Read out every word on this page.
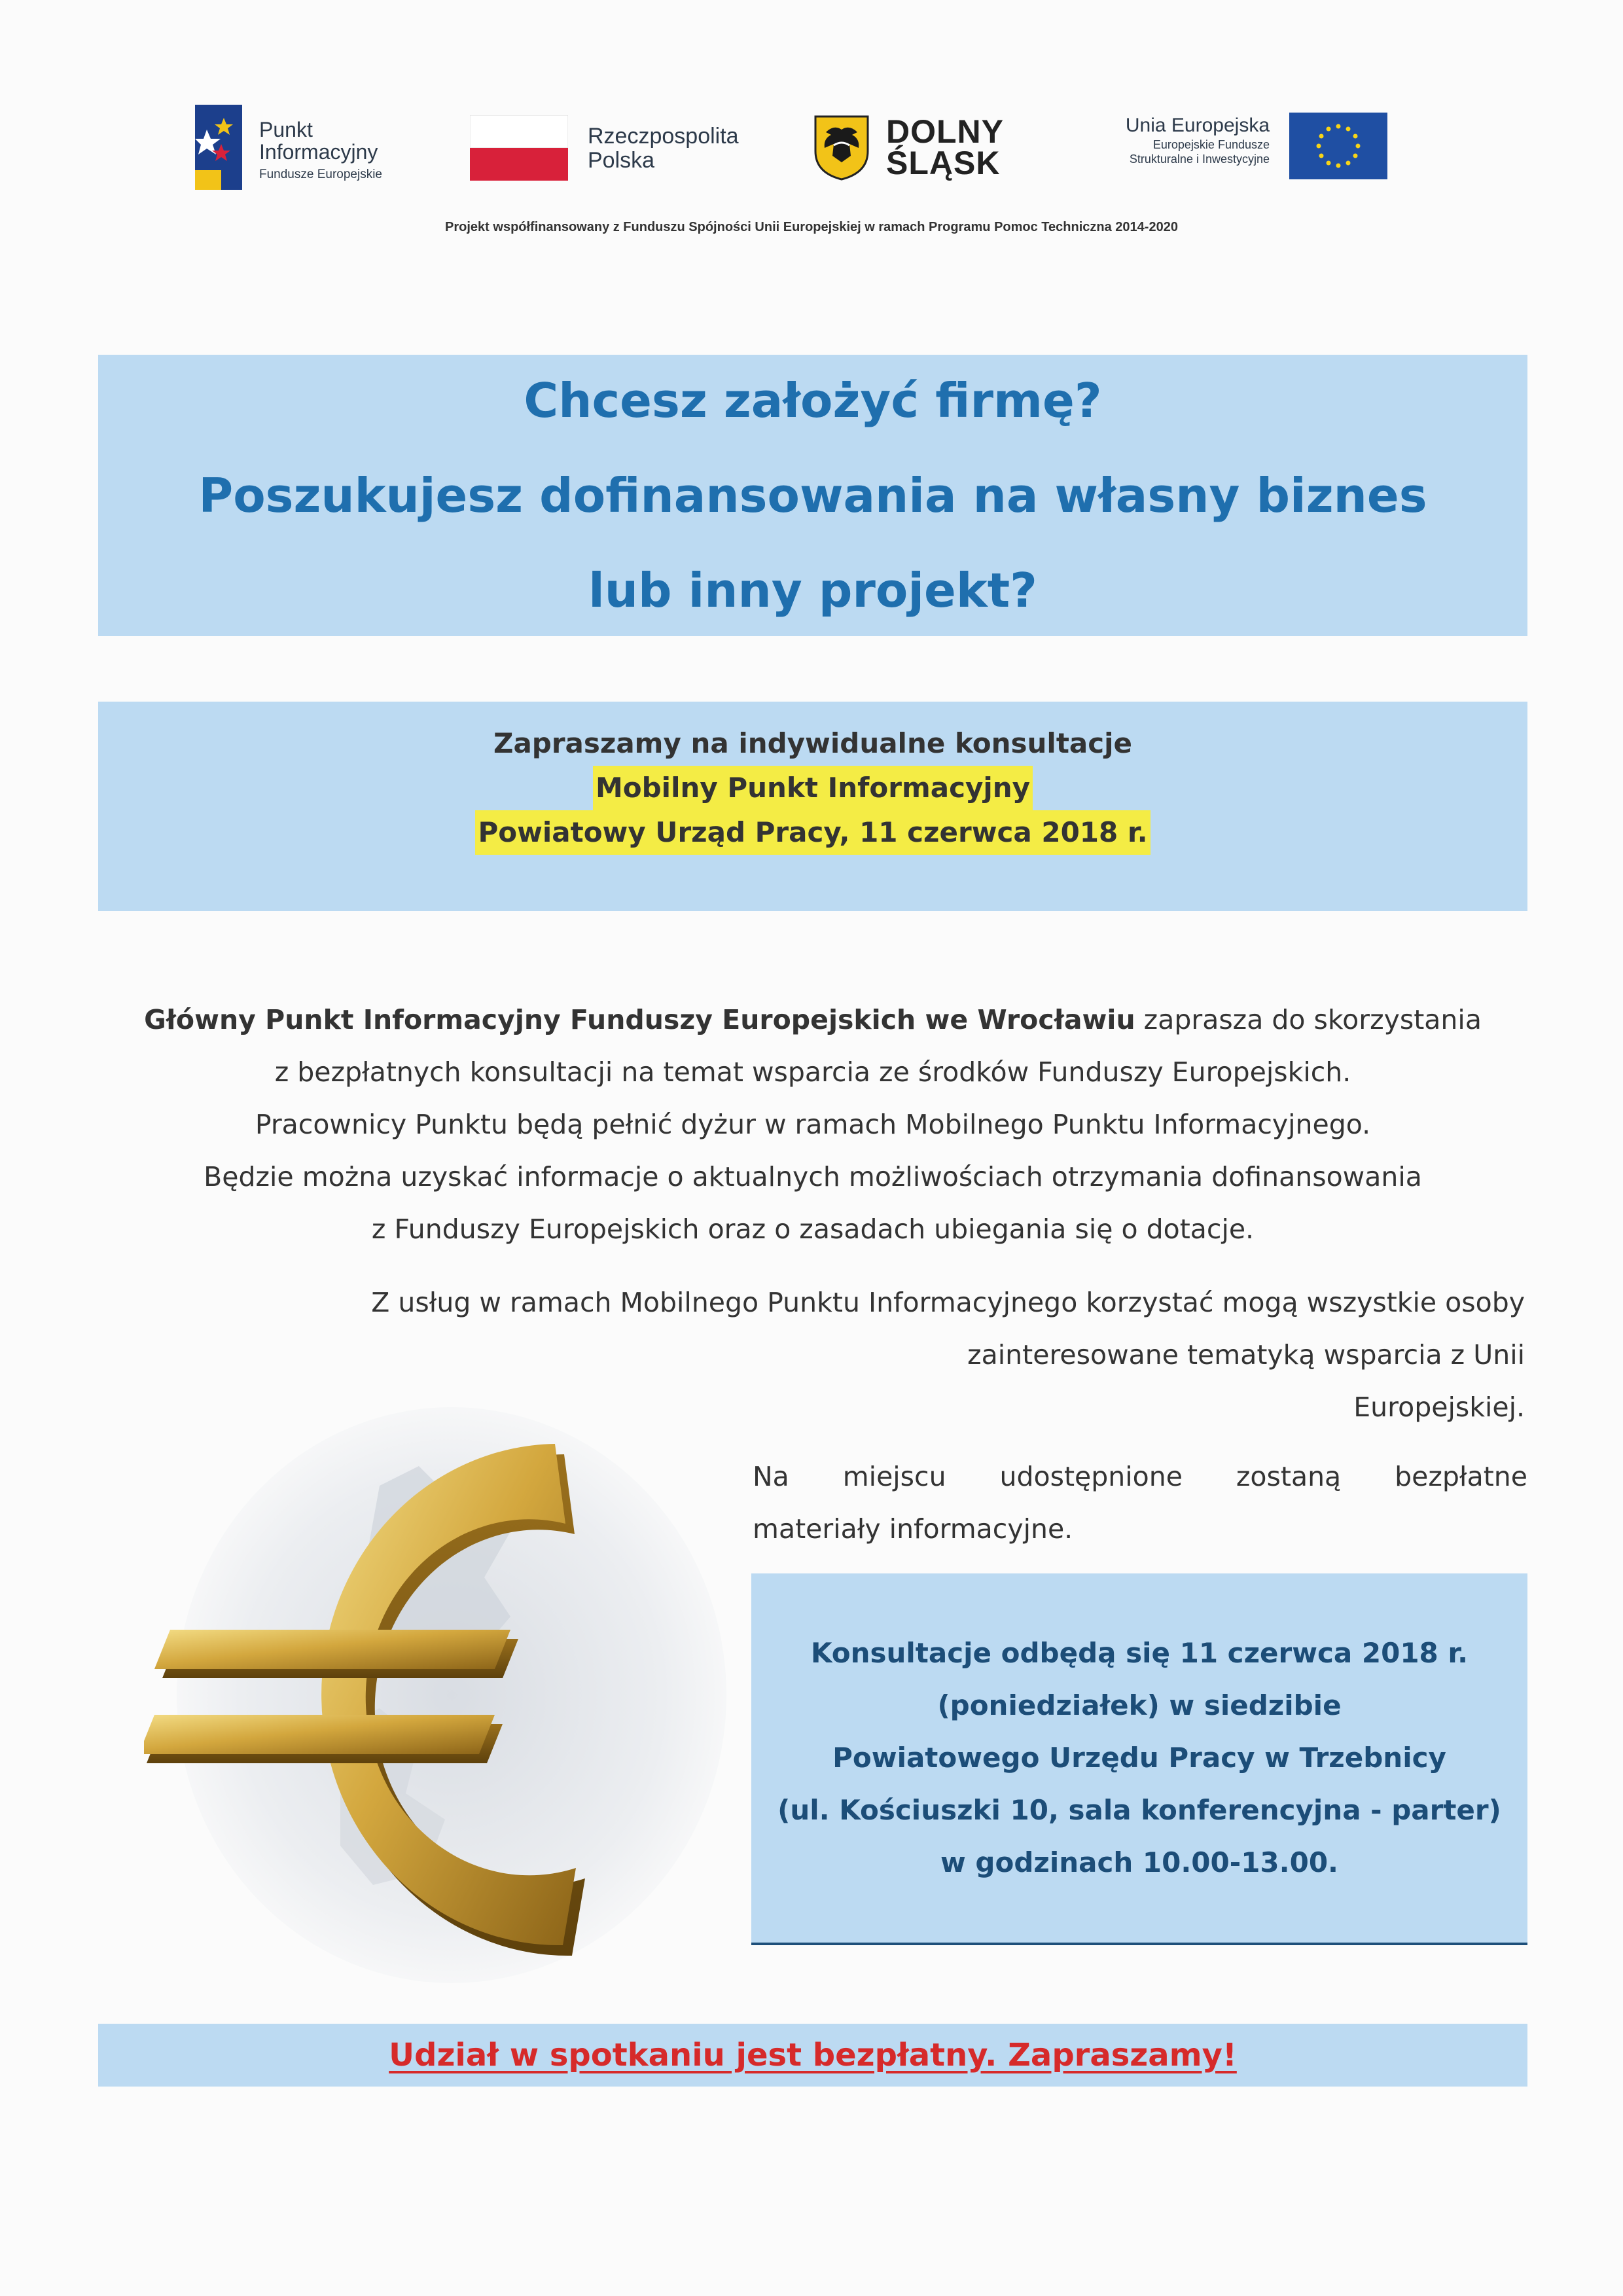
Punkt
Informacyjny
Fundusze Europejskie
Rzeczpospolita
Polska
DOLNY
ŚLĄSK
Unia Europejska
Europejskie Fundusze
Strukturalne i Inwestycyjne
Projekt współfinansowany z Funduszu Spójności Unii Europejskiej w ramach Programu Pomoc Techniczna 2014-2020
Chcesz założyć firmę?
Poszukujesz dofinansowania na własny biznes
lub inny projekt?
Zapraszamy na indywidualne konsultacje
Mobilny Punkt Informacyjny
Powiatowy Urząd Pracy, 11 czerwca 2018 r.

Główny Punkt Informacyjny Funduszy Europejskich we Wrocławiu zaprasza do skorzystania

z bezpłatnych konsultacji na temat wsparcia ze środków Funduszy Europejskich.

Pracownicy Punktu będą pełnić dyżur w ramach Mobilnego Punktu Informacyjnego.

Będzie można uzyskać informacje o aktualnych możliwościach otrzymania dofinansowania

z Funduszy Europejskich oraz o zasadach ubiegania się o dotacje.

Z usług w ramach Mobilnego Punktu Informacyjnego korzystać mogą wszystkie osoby

zainteresowane tematyką wsparcia z Unii

Europejskiej.

Na miejscu udostępnione zostaną bezpłatne

materiały informacyjne.

Konsultacje odbędą się 11 czerwca 2018 r.
(poniedziałek) w siedzibie
Powiatowego Urzędu Pracy w Trzebnicy
(ul. Kościuszki 10, sala konferencyjna - parter)
w godzinach 10.00-13.00.
Udział w spotkaniu jest bezpłatny. Zapraszamy!
